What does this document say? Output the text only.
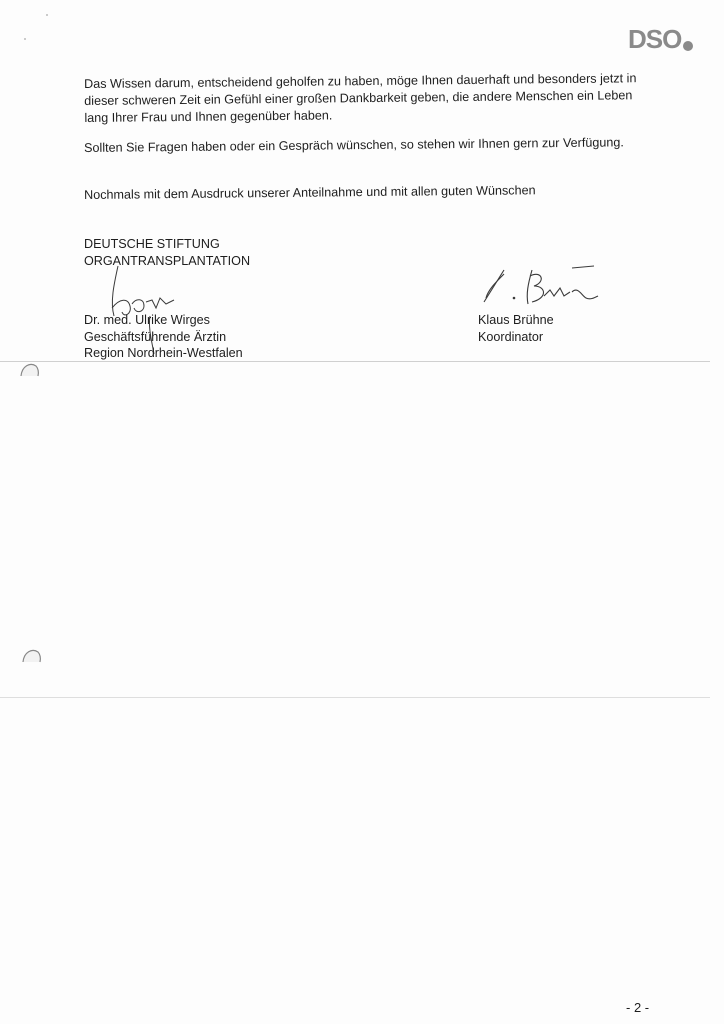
DSO

Das Wissen darum, entscheidend geholfen zu haben, möge Ihnen dauerhaft und besonders jetzt in dieser schweren Zeit ein Gefühl einer großen Dankbarkeit geben, die andere Menschen ein Leben lang Ihrer Frau und Ihnen gegenüber haben.

Sollten Sie Fragen haben oder ein Gespräch wünschen, so stehen wir Ihnen gern zur Verfügung.

Nochmals mit dem Ausdruck unserer Anteilnahme und mit allen guten Wünschen

DEUTSCHE STIFTUNG
ORGANTRANSPLANTATION
Dr. med. Ulrike Wirges
Geschäftsführende Ärztin
Region Nordrhein-Westfalen
Klaus Brühne
Koordinator
- 2 -
